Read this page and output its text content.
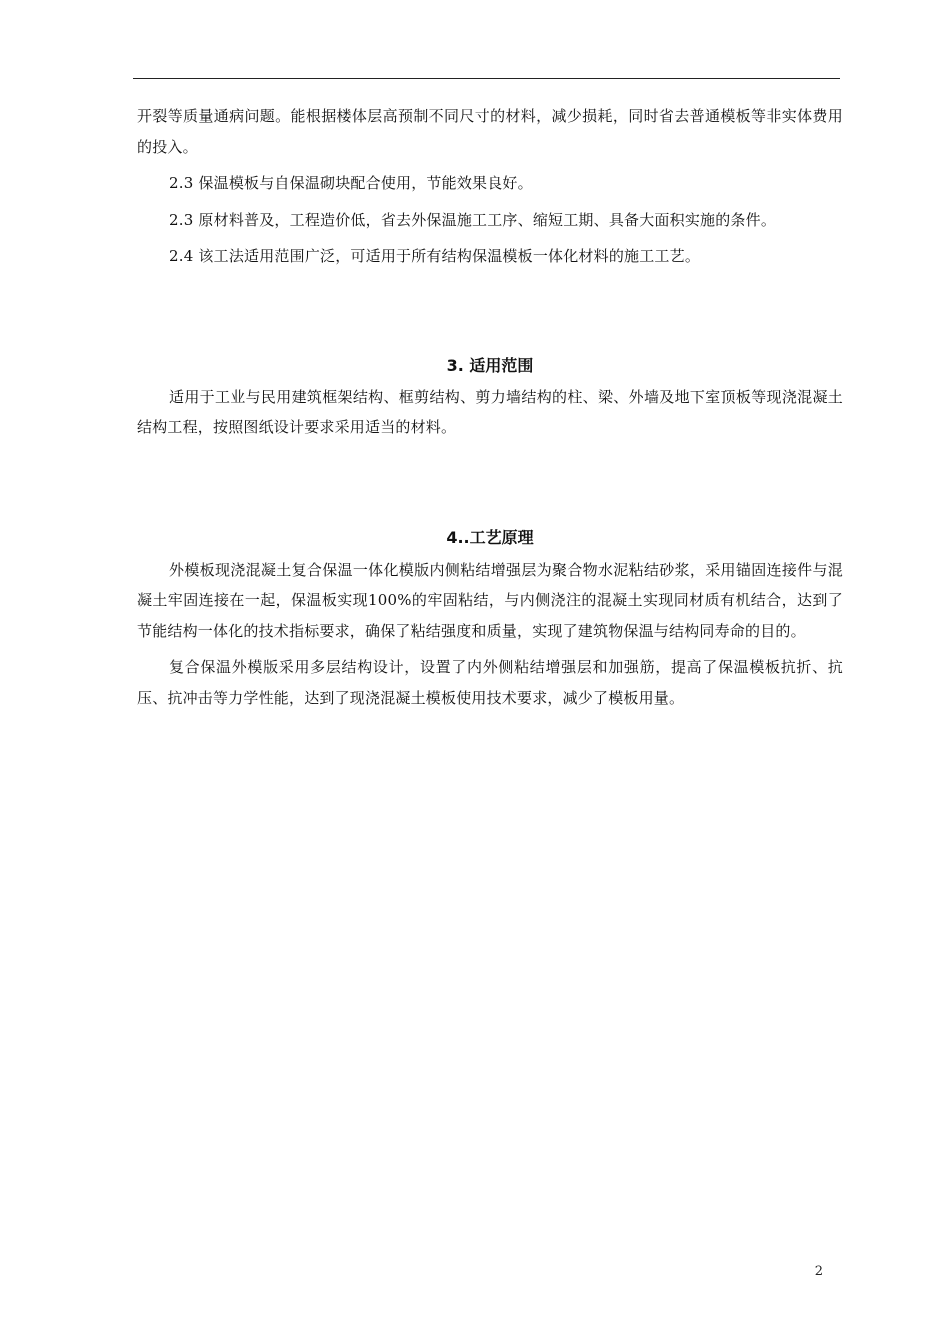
开裂等质量通病问题。能根据楼体层高预制不同尺寸的材料，减少损耗，同时省去普通模板等非实体费用的投入。

2.3 保温模板与自保温砌块配合使用，节能效果良好。

2.3 原材料普及，工程造价低，省去外保温施工工序、缩短工期、具备大面积实施的条件。

2.4 该工法适用范围广泛，可适用于所有结构保温模板一体化材料的施工工艺。

3. 适用范围

适用于工业与民用建筑框架结构、框剪结构、剪力墙结构的柱、梁、外墙及地下室顶板等现浇混凝土结构工程，按照图纸设计要求采用适当的材料。

4..工艺原理

外模板现浇混凝土复合保温一体化模版内侧粘结增强层为聚合物水泥粘结砂浆，采用锚固连接件与混凝土牢固连接在一起，保温板实现100%的牢固粘结，与内侧浇注的混凝土实现同材质有机结合，达到了节能结构一体化的技术指标要求，确保了粘结强度和质量，实现了建筑物保温与结构同寿命的目的。

复合保温外模版采用多层结构设计，设置了内外侧粘结增强层和加强筋，提高了保温模板抗折、抗压、抗冲击等力学性能，达到了现浇混凝土模板使用技术要求，减少了模板用量。

2
